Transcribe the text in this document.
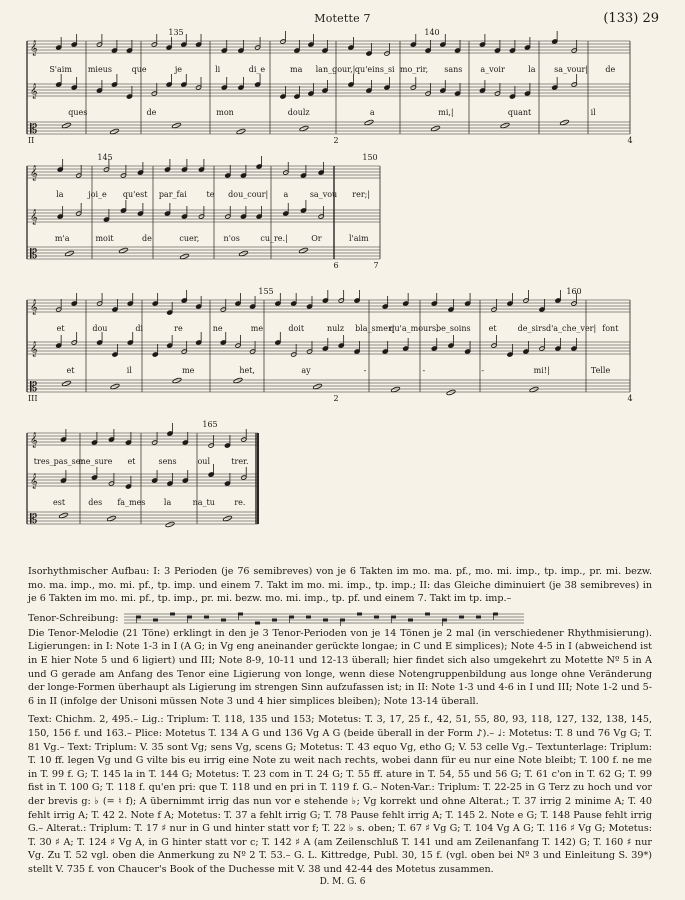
Motette 7	(133) 29
𝄞
𝄞
𝄡
135	140
2	4
II
S'aim mieus que	je	li	di_e	ma lan_gour,| qu'eins_si mo_rir, sans a_voir	la sa_vour| de
ques	de	mon	doulz	a	mi,|	quant	il
𝄞
𝄞
𝄡
145	150
6	7
la	joi_e qu'est par_fai te dou_cour| a	sa_vou rer;|
m'a	moit	de	cuer,	n'os	cu_re.|	Or	l'aim
𝄞
𝄞
𝄡
155	160
2	4
III
et	dou	di	re	ne	me	doit	nulz bla_smer|
qu'a_mours,
be_soins et	de_sirs d'a_che_ver| font
et	il	me	het,	ay	-	-	-	mi!|	Telle
𝄞
𝄞
𝄡
165
tres_pas_ser
me_sure et	sens	oul	trer.
est	des fa_mes la	na_tu re.

Isorhythmischer Aufbau: I: 3 Perioden (je 76 semibreves) von je 6 Takten im mo. ma. pf., mo. mi. imp., tp. imp., pr. mi. bezw. mo. ma. imp., mo. mi. pf., tp. imp. und einem 7. Takt im mo. mi. imp., tp. imp.; II: das Gleiche diminuiert (je 38 semibreves) in je 6 Takten im mo. mi. pf., tp. imp., pr. mi. bezw. mo. mi. imp., tp. pf. und einem 7. Takt im tp. imp.–

Tenor-Schreibung:

Die Tenor-Melodie (21 Töne) erklingt in den je 3 Tenor-Perioden von je 14 Tönen je 2 mal (in verschiedener Rhythmisierung). Ligierungen: in I: Note 1-3 in I (A G; in Vg eng aneinander gerückte longae; in C und E simplices); Note 4-5 in I (abweichend ist in E hier Note 5 und 6 ligiert) und III; Note 8-9, 10-11 und 12-13 überall; hier findet sich also umgekehrt zu Motette Nº 5 in A und G gerade am Anfang des Tenor eine Ligierung von longe, wenn diese Notengruppenbildung aus longe ohne Veränderung der longe-Formen überhaupt als Ligierung im strengen Sinn aufzufassen ist; in II: Note 1-3 und 4-6 in I und III; Note 1-2 und 5-6 in II (infolge der Unisoni müssen Note 3 und 4 hier simplices bleiben); Note 13-14 überall.

Text: Chichm. 2, 495.– Lig.: Triplum: T. 118, 135 und 153; Motetus: T. 3, 17, 25 f., 42, 51, 55, 80, 93, 118, 127, 132, 138, 145, 150, 156 f. und 163.– Plice: Motetus T. 134 A G und 136 Vg A G (beide überall in der Form ♪).– ♩: Motetus: T. 8 und 76 Vg G; T. 81 Vg.– Text: Triplum: V. 35 sont Vg; sens Vg, scens G; Motetus: T. 43 equo Vg, etho G; V. 53 celle Vg.– Textunterlage: Triplum: T. 10 ff. legen Vg und G vilte bis eu irrig eine Note zu weit nach rechts, wobei dann für eu nur eine Note bleibt; T. 100 f. ne me in T. 99 f. G; T. 145 la in T. 144 G; Motetus: T. 23 com in T. 24 G; T. 55 ff. ature in T. 54, 55 und 56 G; T. 61 c'on in T. 62 G; T. 99 fist in T. 100 G; T. 118 f. qu'en pri: que T. 118 und en pri in T. 119 f. G.– Noten-Var.: Triplum: T. 22-25 in G Terz zu hoch und vor der brevis g: ♭ (= ♮ f); A übernimmt irrig das nun vor e stehende ♭; Vg korrekt und ohne Alterat.; T. 37 irrig 2 minime A; T. 40 fehlt irrig A; T. 42 2. Note f A; Motetus: T. 37 a fehlt irrig G; T. 78 Pause fehlt irrig A; T. 145 2. Note e G; T. 148 Pause fehlt irrig G.– Alterat.: Triplum: T. 17 ♯ nur in G und hinter statt vor f; T. 22 ♭ s. oben; T. 67 ♯ Vg G; T. 104 Vg A G; T. 116 ♯ Vg G; Motetus: T. 30 ♯ A; T. 124 ♯ Vg A, in G hinter statt vor c; T. 142 ♯ A (am Zeilenschluß T. 141 und am Zeilenanfang T. 142) G; T. 160 ♯ nur Vg. Zu T. 52 vgl. oben die Anmerkung zu Nº 2 T. 53.– G. L. Kittredge, Publ. 30, 15 f. (vgl. oben bei Nº 3 und Einleitung S. 39*) stellt V. 735 f. von Chaucer's Book of the Duchesse mit V. 38 und 42-44 des Motetus zusammen.

D. M. G. 6
